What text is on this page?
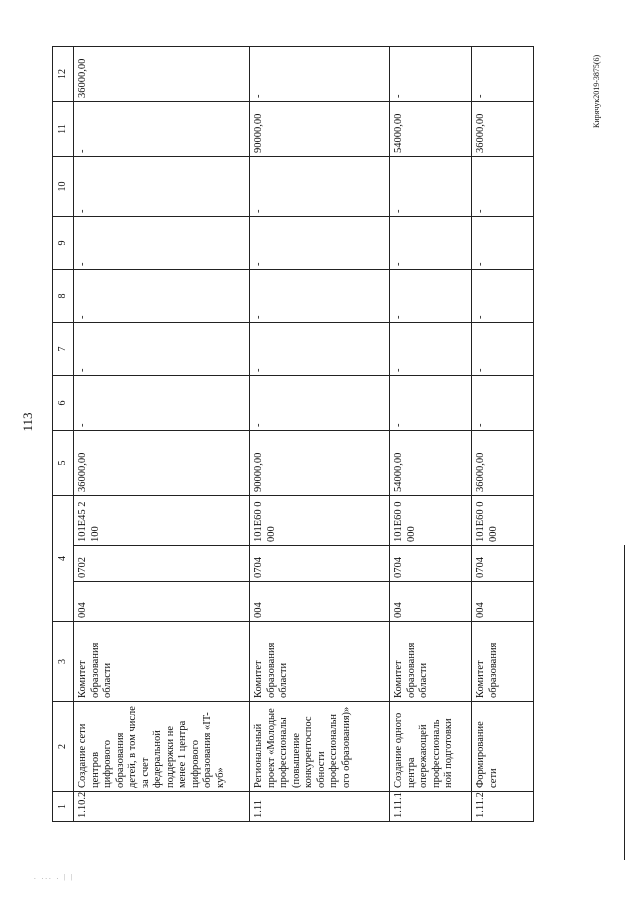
113
Кирячук2019-3875(6)
. ... . | |
1	2	3	4			5	6	7	8	9	10	11	12
1.10.2	Создание сети центров цифрового образования детей, в том числе за счет федеральной поддержки не менее 1 центра цифрового образования «IT-куб»	Комитет образования области	004	0702	101E45 2100	36000,00	-	-	-	-	-	-	36000,00
1.11	Региональный проект «Молодые профессионалы (повышение конкурентоспос обности профессиональн ого образования)»	Комитет образования области	004	0704	101E60 0000	90000,00	-	-	-	-	-	90000,00	-
1.11.1	Создание одного центра опережающей профессиональ ной подготовки	Комитет образования области	004	0704	101E60 0000	54000,00	-	-	-	-	-	54000,00	-
1.11.2	Формирование сети	Комитет образования	004	0704	101E60 0000	36000,00	-	-	-	-	-	36000,00	-
